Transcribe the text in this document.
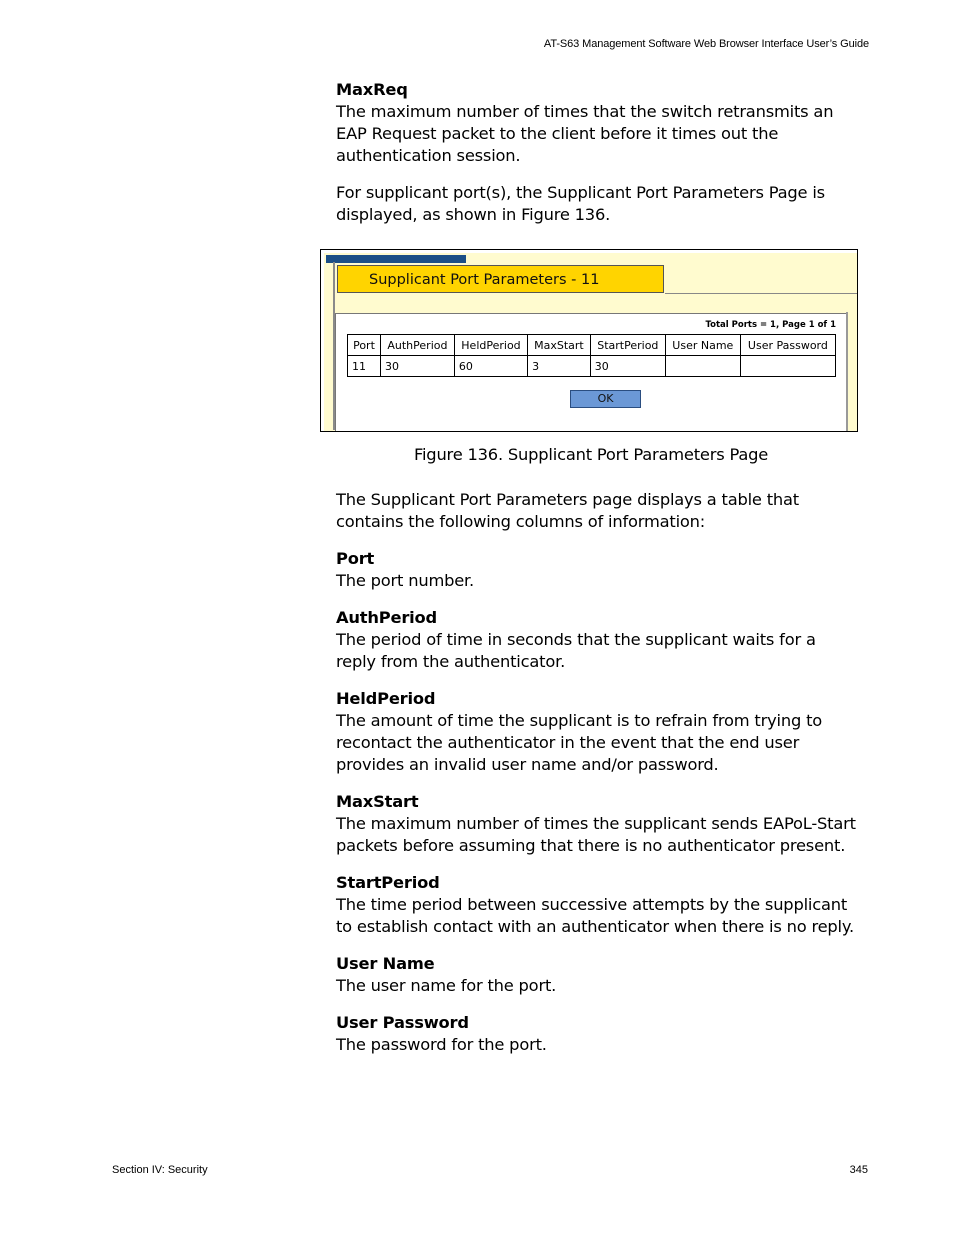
AT-S63 Management Software Web Browser Interface User’s Guide

MaxReq

The maximum number of times that the switch retransmits an EAP Request packet to the client before it times out the authentication session.

For supplicant port(s), the Supplicant Port Parameters Page is displayed, as shown in Figure 136.

Supplicant Port Parameters - 11
Total Ports = 1, Page 1 of 1
Port	AuthPeriod	HeldPeriod	MaxStart	StartPeriod	User Name	User Password
11	30	60	3	30		
OK
Figure 136. Supplicant Port Parameters Page

The Supplicant Port Parameters page displays a table that contains the following columns of information:

Port

The port number.

AuthPeriod

The period of time in seconds that the supplicant waits for a reply from the authenticator.

HeldPeriod

The amount of time the supplicant is to refrain from trying to recontact the authenticator in the event that the end user provides an invalid user name and/or password.

MaxStart

The maximum number of times the supplicant sends EAPoL-Start packets before assuming that there is no authenticator present.

StartPeriod

The time period between successive attempts by the supplicant to establish contact with an authenticator when there is no reply.

User Name

The user name for the port.

User Password

The password for the port.

Section IV: Security	345
